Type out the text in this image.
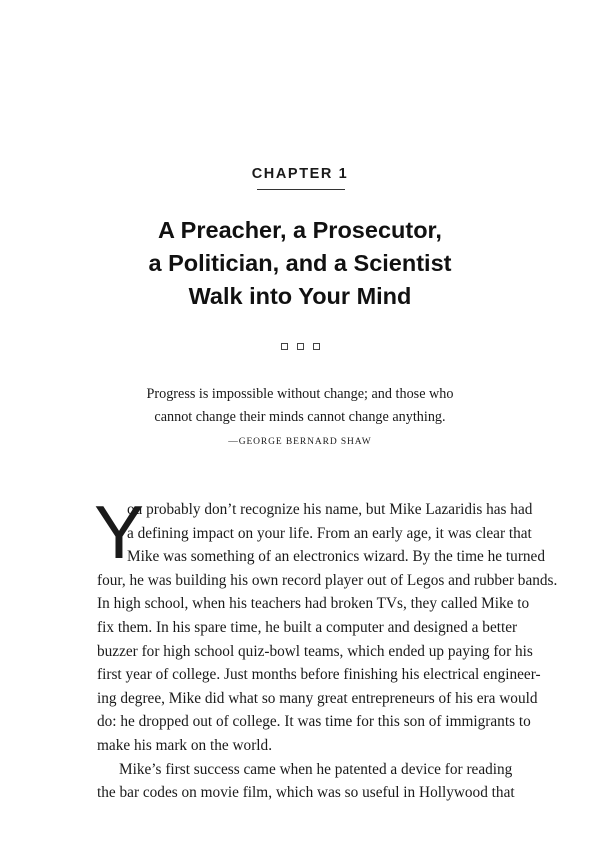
CHAPTER 1
A Preacher, a Prosecutor,
a Politician, and a Scientist
Walk into Your Mind
Progress is impossible without change; and those who
cannot change their minds cannot change anything.
—GEORGE BERNARD SHAW
Y
ou probably don’t recognize his name, but Mike Lazaridis has had
a defining impact on your life. From an early age, it was clear that
Mike was something of an electronics wizard. By the time he turned
four, he was building his own record player out of Legos and rubber bands.
In high school, when his teachers had broken TVs, they called Mike to
fix them. In his spare time, he built a computer and designed a better
buzzer for high school quiz-bowl teams, which ended up paying for his
first year of college. Just months before finishing his electrical engineer-
ing degree, Mike did what so many great entrepreneurs of his era would
do: he dropped out of college. It was time for this son of immigrants to
make his mark on the world.
Mike’s first success came when he patented a device for reading
the bar codes on movie film, which was so useful in Hollywood that
